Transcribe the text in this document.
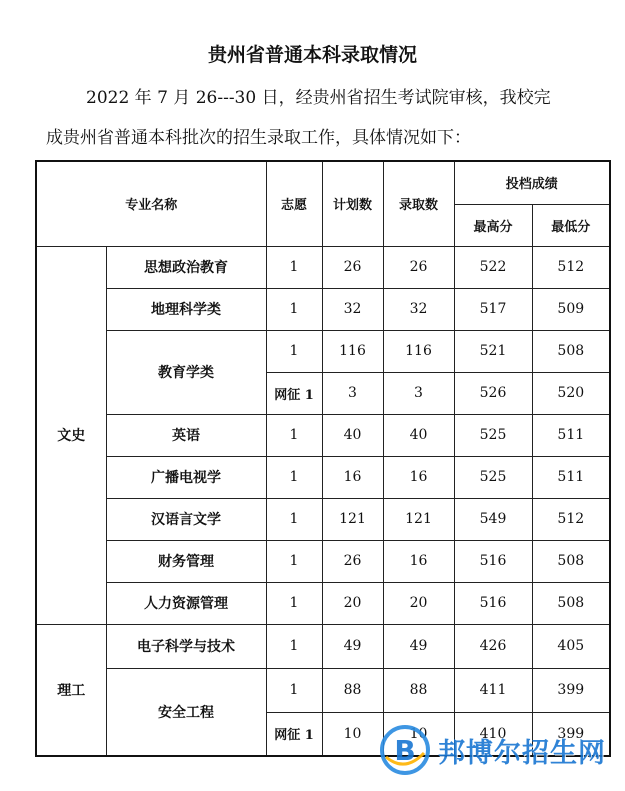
贵州省普通本科录取情况

2022 年 7 月 26---30 日，经贵州省招生考试院审核，我校完

成贵州省普通本科批次的招生录取工作，具体情况如下：

专业名称		志愿	计划数	录取数	投档成绩	
					最高分	最低分
文史	思想政治教育	1	26	26	522	512
	地理科学类	1	32	32	517	509
	教育学类	1	116	116	521	508
		网征 1	3	3	526	520
	英语	1	40	40	525	511
	广播电视学	1	16	16	525	511
	汉语言文学	1	121	121	549	512
	财务管理	1	26	16	516	508
	人力资源管理	1	20	20	516	508
理工	电子科学与技术	1	49	49	426	405
	安全工程	1	88	88	411	399
		网征 1	10	10	410	399
B 邦博尔招生网
